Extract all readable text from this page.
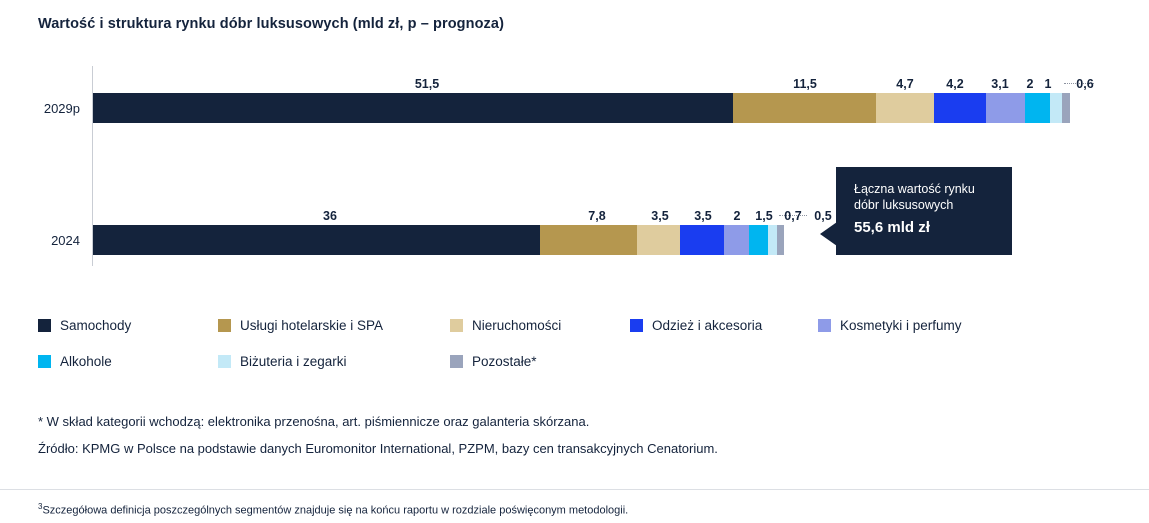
Wartość i struktura rynku dóbr luksusowych (mld zł, p – prognoza)
2029p
2024
51,5	11,5	4,7	4,2 3,1 2 1 0,6
36	7,8	3,5 3,5 2 1,5 0,7 0,5
Łączna wartość rynku
dóbr luksusowych
55,6 mld zł
Samochody	Usługi hotelarskie i SPA	Nieruchomości	Odzież i akcesoria	Kosmetyki i perfumy
Alkohole	Biżuteria i zegarki	Pozostałe*
* W skład kategorii wchodzą: elektronika przenośna, art. piśmiennicze oraz galanteria skórzana.
Źródło: KPMG w Polsce na podstawie danych Euromonitor International, PZPM, bazy cen transakcyjnych Cenatorium.
$^3$Szczegółowa definicja poszczególnych segmentów znajduje się na końcu raportu w rozdziale poświęconym metodologii.
